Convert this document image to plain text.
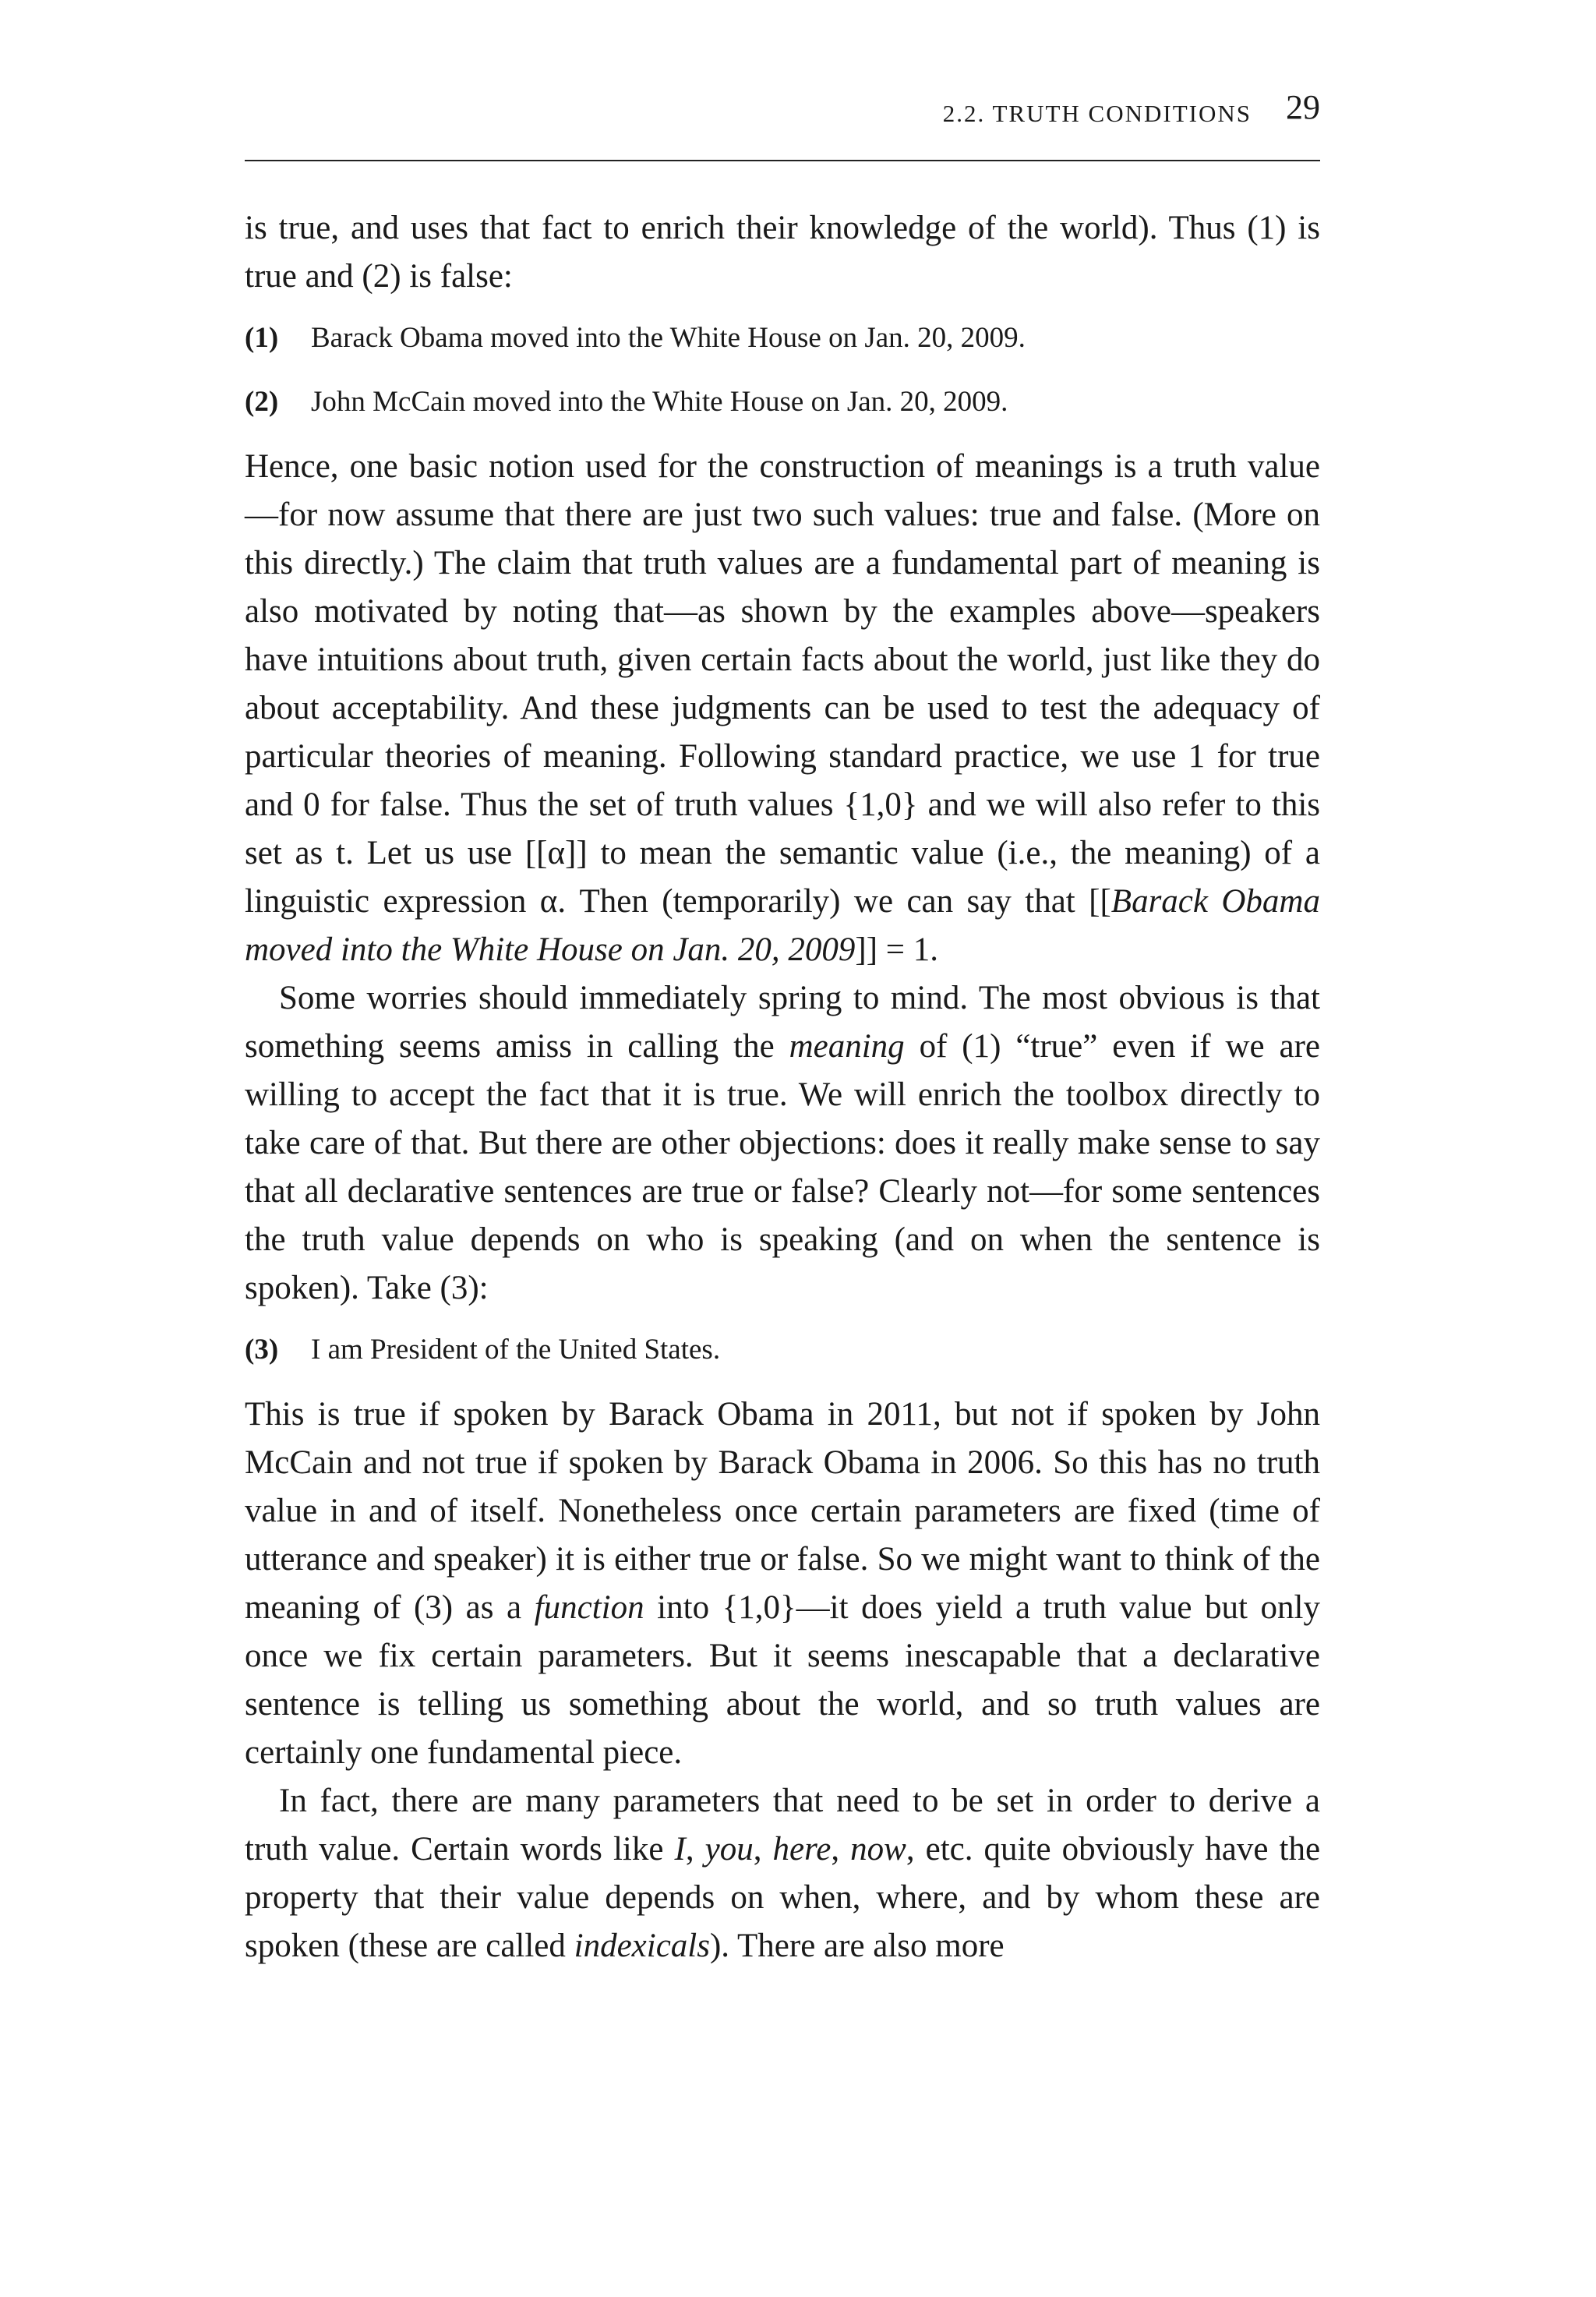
2.2. TRUTH CONDITIONS 29

is true, and uses that fact to enrich their knowledge of the world). Thus (1) is true and (2) is false:

(1) Barack Obama moved into the White House on Jan. 20, 2009.
(2) John McCain moved into the White House on Jan. 20, 2009.

Hence, one basic notion used for the construction of meanings is a truth value—for now assume that there are just two such values: true and false. (More on this directly.) The claim that truth values are a fundamental part of meaning is also motivated by noting that—as shown by the examples above—speakers have intuitions about truth, given certain facts about the world, just like they do about acceptability. And these judgments can be used to test the adequacy of particular theories of meaning. Following standard practice, we use 1 for true and 0 for false. Thus the set of truth values {1,0} and we will also refer to this set as t. Let us use [[α]] to mean the semantic value (i.e., the meaning) of a linguistic expression α. Then (temporarily) we can say that [[Barack Obama moved into the White House on Jan. 20, 2009]] = 1.

Some worries should immediately spring to mind. The most obvious is that something seems amiss in calling the meaning of (1) “true” even if we are willing to accept the fact that it is true. We will enrich the toolbox directly to take care of that. But there are other objections: does it really make sense to say that all declarative sentences are true or false? Clearly not—for some sentences the truth value depends on who is speaking (and on when the sentence is spoken). Take (3):

(3) I am President of the United States.

This is true if spoken by Barack Obama in 2011, but not if spoken by John McCain and not true if spoken by Barack Obama in 2006. So this has no truth value in and of itself. Nonetheless once certain parameters are fixed (time of utterance and speaker) it is either true or false. So we might want to think of the meaning of (3) as a function into {1,0}—it does yield a truth value but only once we fix certain parameters. But it seems inescapable that a declarative sentence is telling us something about the world, and so truth values are certainly one fundamental piece.

In fact, there are many parameters that need to be set in order to derive a truth value. Certain words like I, you, here, now, etc. quite obviously have the property that their value depends on when, where, and by whom these are spoken (these are called indexicals). There are also more
